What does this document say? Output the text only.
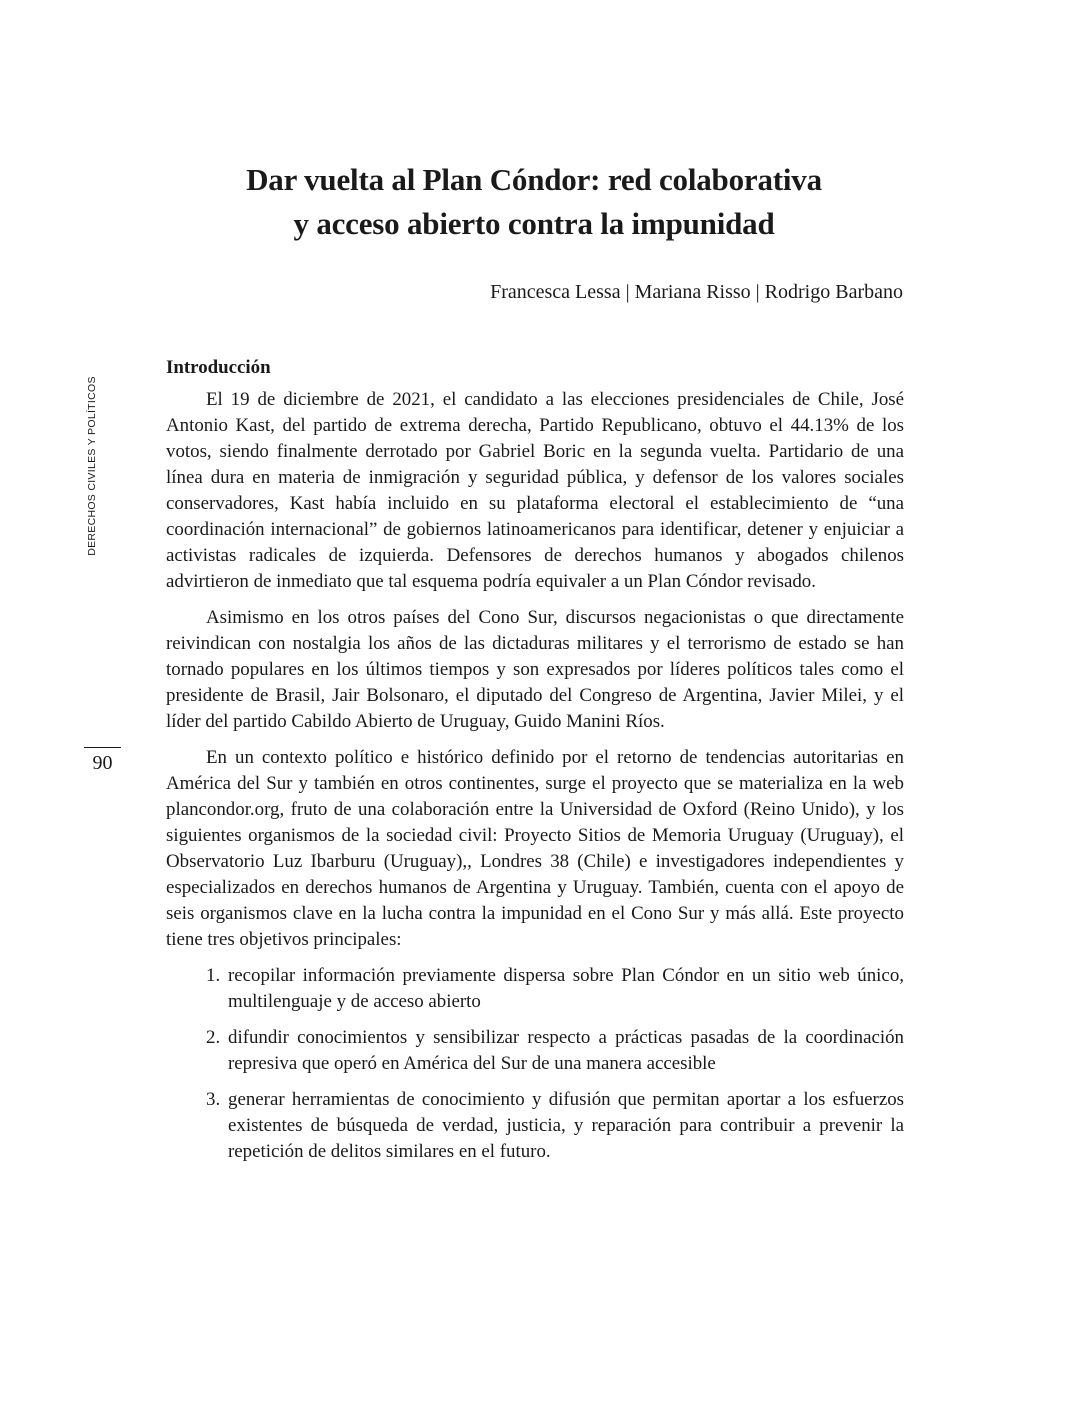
Dar vuelta al Plan Cóndor: red colaborativa
y acceso abierto contra la impunidad
Francesca Lessa | Mariana Risso | Rodrigo Barbano
DERECHOS CIVILES Y POLÍTICOS
90
Introducción

El 19 de diciembre de 2021, el candidato a las elecciones presidenciales de Chile, José Antonio Kast, del partido de extrema derecha, Partido Republicano, obtuvo el 44.13% de los votos, siendo finalmente derrotado por Gabriel Boric en la segunda vuelta. Partidario de una línea dura en materia de inmigración y seguridad pública, y defensor de los valores sociales conservadores, Kast había incluido en su plataforma electoral el establecimiento de “una coordinación internacional” de gobiernos latinoamericanos para identificar, detener y enjuiciar a activistas radicales de izquierda. Defensores de derechos humanos y abogados chilenos advirtieron de inmediato que tal esquema podría equivaler a un Plan Cóndor revisado.

Asimismo en los otros países del Cono Sur, discursos negacionistas o que directamente reivindican con nostalgia los años de las dictaduras militares y el terrorismo de estado se han tornado populares en los últimos tiempos y son expresados por líderes políticos tales como el presidente de Brasil, Jair Bolsonaro, el diputado del Congreso de Argentina, Javier Milei, y el líder del partido Cabildo Abierto de Uruguay, Guido Manini Ríos.

En un contexto político e histórico definido por el retorno de tendencias autoritarias en América del Sur y también en otros continentes, surge el proyecto que se materializa en la web plancondor.org, fruto de una colaboración entre la Universidad de Oxford (Reino Unido), y los siguientes organismos de la sociedad civil: Proyecto Sitios de Memoria Uruguay (Uruguay), el Observatorio Luz Ibarburu (Uruguay),, Londres 38 (Chile) e investigadores independientes y especializados en derechos humanos de Argentina y Uruguay. También, cuenta con el apoyo de seis organismos clave en la lucha contra la impunidad en el Cono Sur y más allá. Este proyecto tiene tres objetivos principales:

1. recopilar información previamente dispersa sobre Plan Cóndor en un sitio web único, multilenguaje y de acceso abierto
2. difundir conocimientos y sensibilizar respecto a prácticas pasadas de la coordinación represiva que operó en América del Sur de una manera accesible
3. generar herramientas de conocimiento y difusión que permitan aportar a los esfuerzos existentes de búsqueda de verdad, justicia, y reparación para contribuir a prevenir la repetición de delitos similares en el futuro.
